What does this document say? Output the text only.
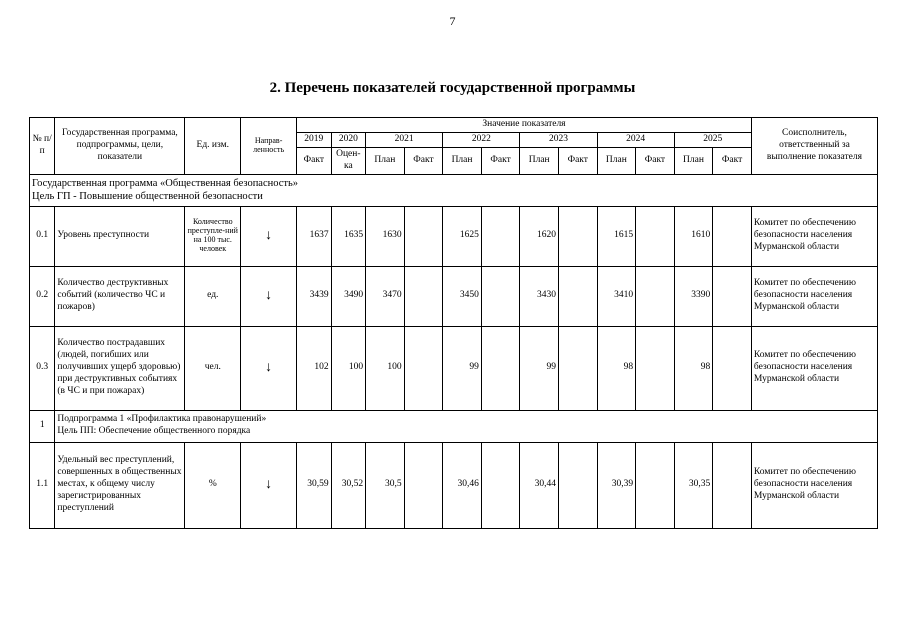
7
2. Перечень показателей государственной программы
№ п/п	Государственная программа, подпрограммы, цели, показатели	Ед. изм.	Направ-ленность	Значение показателя												Соисполнитель, ответственный за выполнение показателя
				2019	2020	2021		2022		2023		2024		2025		
				Факт	Оцен-ка	План	Факт	План	Факт	План	Факт	План	Факт	План	Факт	

Государственная программа «Общественная безопасность»
Цель ГП - Повышение общественной безопасности																

0.1	Уровень преступности	Количество преступле-ний на 100 тыс. человек	↓	1637	1635	1630		1625		1620		1615		1610		Комитет по обеспечению безопасности населения Мурманской области
0.2	Количество деструктивных событий (количество ЧС и пожаров)	ед.	↓	3439	3490	3470		3450		3430		3410		3390		Комитет по обеспечению безопасности населения Мурманской области
0.3	Количество пострадавших (людей, погибших или получивших ущерб здоровью) при деструктивных событиях (в ЧС и при пожарах)	чел.	↓	102	100	100		99		99		98		98		Комитет по обеспечению безопасности населения Мурманской области
1	Подпрограмма 1 «Профилактика правонарушений»
Цель ПП: Обеспечение общественного порядка															

1.1	Удельный вес преступлений, совершенных в общественных местах, к общему числу зарегистрированных преступлений	%	↓	30,59	30,52	30,5		30,46		30,44		30,39		30,35		Комитет по обеспечению безопасности населения Мурманской области
